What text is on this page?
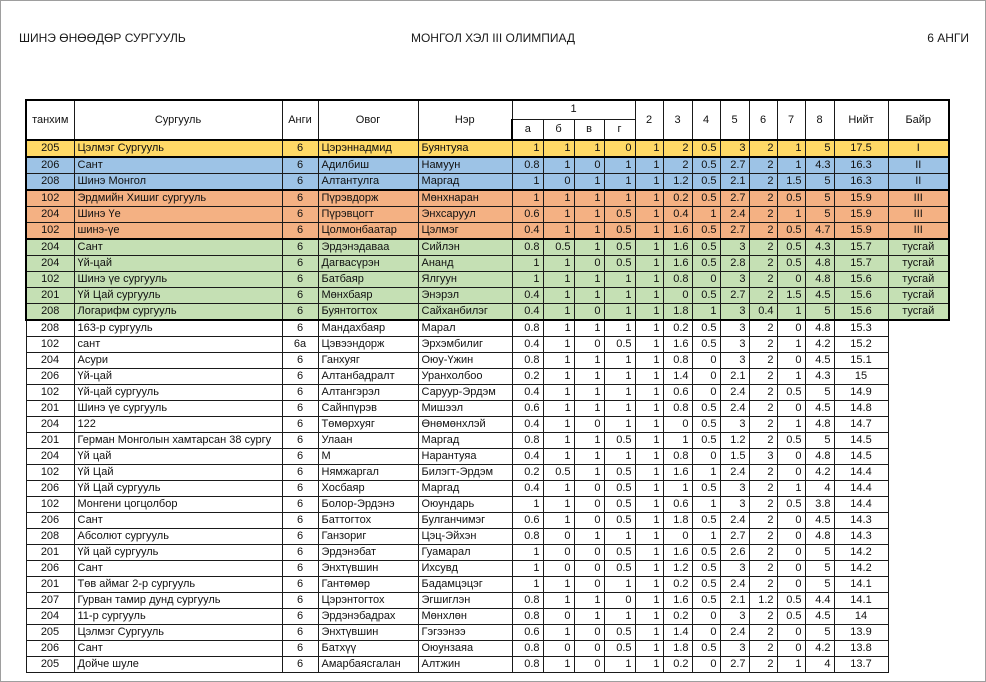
ШИНЭ ӨНӨӨДӨР СУРГУУЛЬ	МОНГОЛ ХЭЛ III ОЛИМПИАД	6 АНГИ
танхим	Сургууль	Анги	Овог	Нэр	1				2	3	4	5	6	7	8	Нийт	Байр
					а	б	в	г									
205	Цэлмэг Сургууль	6	Цэрэннадмид	Буянтуяа	1	1	1	0	1	2	0.5	3	2	1	5	17.5	I
206	Сант	6	Адилбиш	Намуун	0.8	1	0	1	1	2	0.5	2.7	2	1	4.3	16.3	II
208	Шинэ Монгол	6	Алтантулга	Маргад	1	0	1	1	1	1.2	0.5	2.1	2	1.5	5	16.3	II
102	Эрдмийн Хишиг сургууль	6	Пүрэвдорж	Мөнхнаран	1	1	1	1	1	0.2	0.5	2.7	2	0.5	5	15.9	III
204	Шинэ Үе	6	Пүрэвцогт	Энхсаруул	0.6	1	1	0.5	1	0.4	1	2.4	2	1	5	15.9	III
102	шинэ-үе	6	Цолмонбаатар	Цэлмэг	0.4	1	1	0.5	1	1.6	0.5	2.7	2	0.5	4.7	15.9	III
204	Сант	6	Эрдэнэдаваа	Сийлэн	0.8	0.5	1	0.5	1	1.6	0.5	3	2	0.5	4.3	15.7	тусгай
204	Үй-цай	6	Дагвасүрэн	Ананд	1	1	0	0.5	1	1.6	0.5	2.8	2	0.5	4.8	15.7	тусгай
102	Шинэ үе сургууль	6	Батбаяр	Ялгуун	1	1	1	1	1	0.8	0	3	2	0	4.8	15.6	тусгай
201	Үй Цай сургууль	6	Мөнхбаяр	Энэрэл	0.4	1	1	1	1	0	0.5	2.7	2	1.5	4.5	15.6	тусгай
208	Логарифм сургууль	6	Буянтогтох	Сайханбилэг	0.4	1	0	1	1	1.8	1	3	0.4	1	5	15.6	тусгай
208	163-р сургууль	6	Мандахбаяр	Марал	0.8	1	1	1	1	0.2	0.5	3	2	0	4.8	15.3	
102	сант	6а	Цэвээндорж	Эрхэмбилиг	0.4	1	0	0.5	1	1.6	0.5	3	2	1	4.2	15.2	
204	Асури	6	Ганхуяг	Оюу-Үжин	0.8	1	1	1	1	0.8	0	3	2	0	4.5	15.1	
206	Үй-цай	6	Алтанбадралт	Уранхолбоо	0.2	1	1	1	1	1.4	0	2.1	2	1	4.3	15	
102	Үй-цай сургууль	6	Алтангэрэл	Саруур-Эрдэм	0.4	1	1	1	1	0.6	0	2.4	2	0.5	5	14.9	
201	Шинэ үе сургууль	6	Сайнпүрэв	Мишээл	0.6	1	1	1	1	0.8	0.5	2.4	2	0	4.5	14.8	
204	122	6	Төмөрхуяг	Өнөмөнхлэй	0.4	1	0	1	1	0	0.5	3	2	1	4.8	14.7	
201	Герман Монголын хамтарсан 38 сургу	6	Улаан	Маргад	0.8	1	1	0.5	1	1	0.5	1.2	2	0.5	5	14.5	
204	Үй цай	6	М	Нарантуяа	0.4	1	1	1	1	0.8	0	1.5	3	0	4.8	14.5	
102	Үй Цай	6	Нямжаргал	Билэгт-Эрдэм	0.2	0.5	1	0.5	1	1.6	1	2.4	2	0	4.2	14.4	
206	Үй Цай сургууль	6	Хосбаяр	Маргад	0.4	1	0	0.5	1	1	0.5	3	2	1	4	14.4	
102	Монгени цогцолбор	6	Болор-Эрдэнэ	Оюундарь	1	1	0	0.5	1	0.6	1	3	2	0.5	3.8	14.4	
206	Сант	6	Баттогтох	Булганчимэг	0.6	1	0	0.5	1	1.8	0.5	2.4	2	0	4.5	14.3	
208	Абсолют сургууль	6	Ганзориг	Цэц-Эйхэн	0.8	0	1	1	1	0	1	2.7	2	0	4.8	14.3	
201	Үй цай сургууль	6	Эрдэнэбат	Гуамарал	1	0	0	0.5	1	1.6	0.5	2.6	2	0	5	14.2	
206	Сант	6	Энхтүвшин	Ихсувд	1	0	0	0.5	1	1.2	0.5	3	2	0	5	14.2	
201	Төв аймаг 2-р сургууль	6	Гантөмөр	Бадамцэцэг	1	1	0	1	1	0.2	0.5	2.4	2	0	5	14.1	
207	Гурван тамир дунд сургууль	6	Цэрэнтогтох	Эгшиглэн	0.8	1	1	0	1	1.6	0.5	2.1	1.2	0.5	4.4	14.1	
204	11-р сургууль	6	Эрдэнэбадрах	Мөнхлөн	0.8	0	1	1	1	0.2	0	3	2	0.5	4.5	14	
205	Цэлмэг Сургууль	6	Энхтүвшин	Гэгээнээ	0.6	1	0	0.5	1	1.4	0	2.4	2	0	5	13.9	
206	Сант	6	Батхүү	Оюунзаяа	0.8	0	0	0.5	1	1.8	0.5	3	2	0	4.2	13.8	
205	Дойче шуле	6	Амарбаясгалан	Алтжин	0.8	1	0	1	1	0.2	0	2.7	2	1	4	13.7	
